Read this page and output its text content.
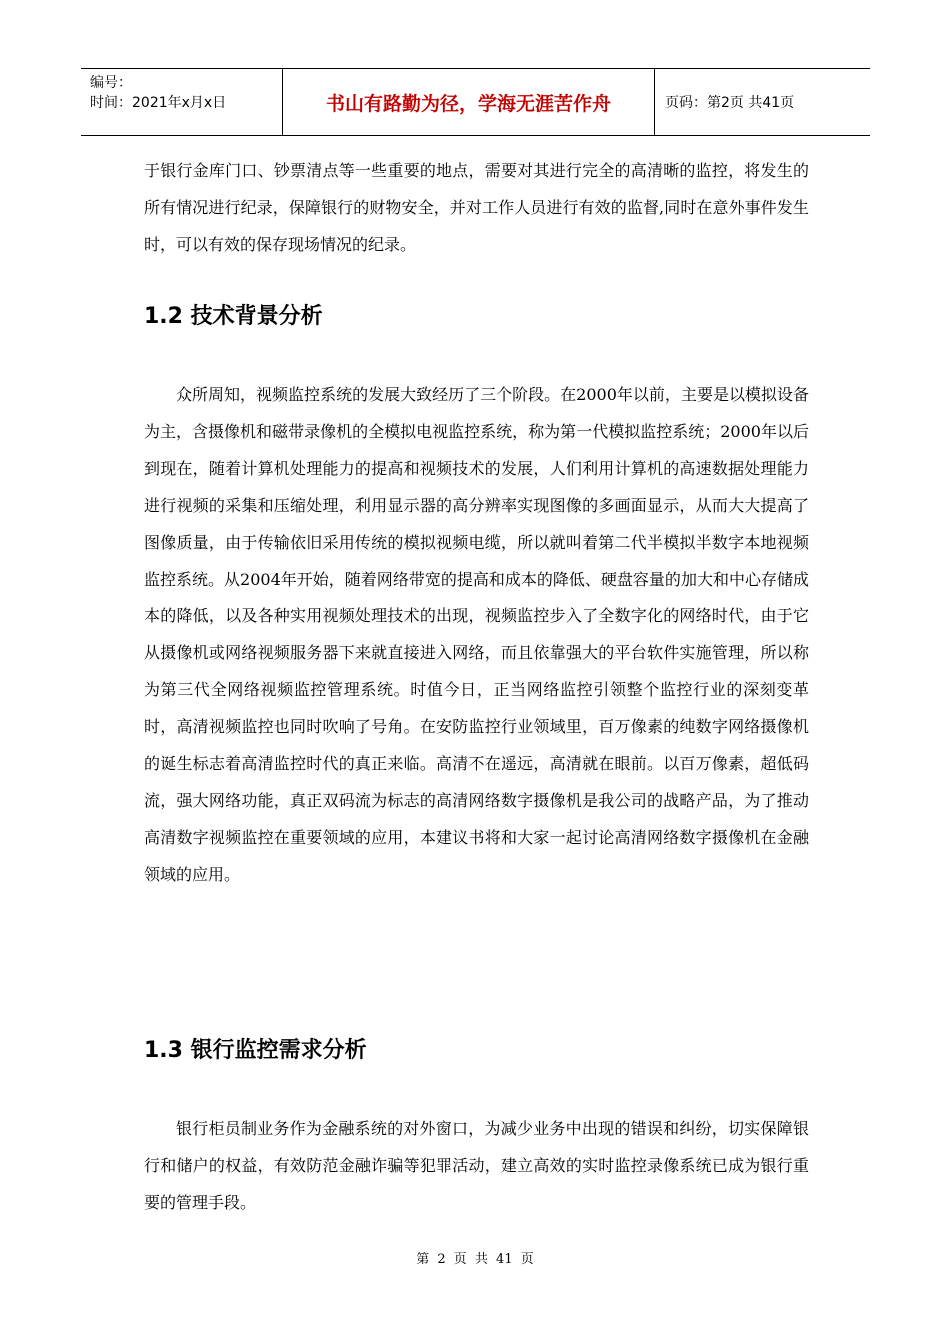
编号：
时间：2021年x月x日	书山有路勤为径，学海无涯苦作舟	页码：第2页 共41页

于银行金库门口、钞票清点等一些重要的地点，需要对其进行完全的高清晰的监控，将发生的所有情况进行纪录，保障银行的财物安全，并对工作人员进行有效的监督,同时在意外事件发生时，可以有效的保存现场情况的纪录。

1.2 技术背景分析

众所周知，视频监控系统的发展大致经历了三个阶段。在2000年以前，主要是以模拟设备为主，含摄像机和磁带录像机的全模拟电视监控系统，称为第一代模拟监控系统；2000年以后到现在，随着计算机处理能力的提高和视频技术的发展，人们利用计算机的高速数据处理能力进行视频的采集和压缩处理，利用显示器的高分辨率实现图像的多画面显示，从而大大提高了图像质量，由于传输依旧采用传统的模拟视频电缆，所以就叫着第二代半模拟半数字本地视频监控系统。从2004年开始，随着网络带宽的提高和成本的降低、硬盘容量的加大和中心存储成本的降低，以及各种实用视频处理技术的出现，视频监控步入了全数字化的网络时代，由于它从摄像机或网络视频服务器下来就直接进入网络，而且依靠强大的平台软件实施管理，所以称为第三代全网络视频监控管理系统。时值今日，正当网络监控引领整个监控行业的深刻变革时，高清视频监控也同时吹响了号角。在安防监控行业领域里，百万像素的纯数字网络摄像机的诞生标志着高清监控时代的真正来临。高清不在遥远，高清就在眼前。以百万像素，超低码流，强大网络功能，真正双码流为标志的高清网络数字摄像机是我公司的战略产品，为了推动高清数字视频监控在重要领域的应用，本建议书将和大家一起讨论高清网络数字摄像机在金融领域的应用。

1.3 银行监控需求分析

银行柜员制业务作为金融系统的对外窗口，为减少业务中出现的错误和纠纷，切实保障银行和储户的权益，有效防范金融诈骗等犯罪活动，建立高效的实时监控录像系统已成为银行重要的管理手段。

第 2 页 共 41 页
